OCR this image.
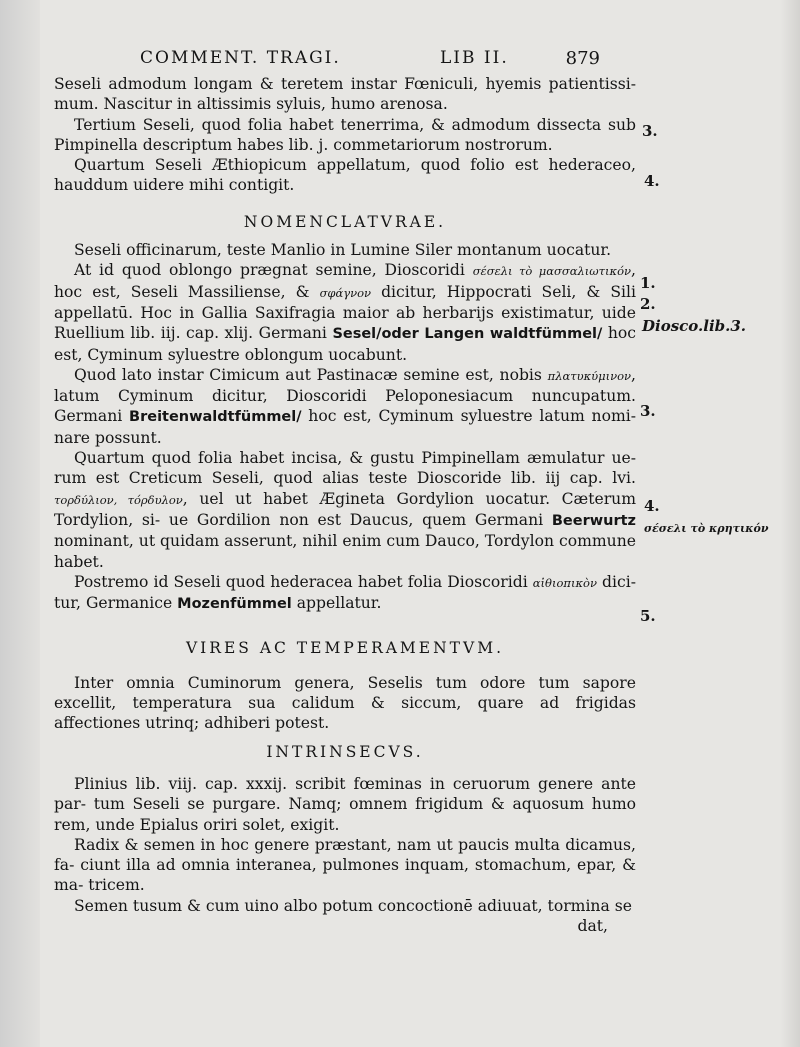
COMMENT. TRAGI.	LIB II.	879

Seseli admodum longam & teretem instar Fœniculi, hyemis patientissi- mum. Nascitur in altissimis syluis, humo arenosa.

Tertium Seseli, quod folia habet tenerrima, & admodum dissecta sub Pimpinella descriptum habes lib. j. commetariorum nostrorum.

Quartum Seseli Æthiopicum appellatum, quod folio est hederaceo, hauddum uidere mihi contigit.

NOMENCLATVRAE.

Seseli officinarum, teste Manlio in Lumine Siler montanum uocatur.

At id quod oblongo prægnat semine, Dioscoridi σέσελι τὸ μασσαλιωτικόν, hoc est, Seseli Massiliense, & σφάγνον dicitur, Hippocrati Seli, & Sili appellatū. Hoc in Gallia Saxifragia maior ab herbarijs existimatur, uide Ruellium lib. iij. cap. xlij. Germani Sesel/oder Langen waldtfümmel/ hoc est, Cyminum syluestre oblongum uocabunt.

Quod lato instar Cimicum aut Pastinacæ semine est, nobis πλατυκύμινον, latum Cyminum dicitur, Dioscoridi Peloponesiacum nuncupatum. Germani Breitenwaldtfümmel/ hoc est, Cyminum syluestre latum nomi- nare possunt.

Quartum quod folia habet incisa, & gustu Pimpinellam æmulatur ue- rum est Creticum Seseli, quod alias teste Dioscoride lib. iij cap. lvi. τορδύλιον, τόρδυλον, uel ut habet Ægineta Gordylion uocatur. Cæterum Tordylion, si- ue Gordilion non est Daucus, quem Germani Beerwurtz nominant, ut quidam asserunt, nihil enim cum Dauco, Tordylon commune habet.

Postremo id Seseli quod hederacea habet folia Dioscoridi αἰθιοπικὸν dici- tur, Germanice Mozenfümmel appellatur.

VIRES AC TEMPERAMENTVM.

Inter omnia Cuminorum genera, Seselis tum odore tum sapore excellit, temperatura sua calidum & siccum, quare ad frigidas affectiones utrinq; adhiberi potest.

INTRINSECVS.

Plinius lib. viij. cap. xxxij. scribit fœminas in ceruorum genere ante par- tum Seseli se purgare. Namq; omnem frigidum & aquosum humo rem, unde Epialus oriri solet, exigit.

Radix & semen in hoc genere præstant, nam ut paucis multa dicamus, fa- ciunt illa ad omnia interanea, pulmones inquam, stomachum, epar, & ma- tricem.

Semen tusum & cum uino albo potum concoctionē adiuuat, tormina se

dat,

3.
4.
1.
2.
Diosco.lib.3.
3.
4.
σέσελι τὸ κρητικόν
5.
